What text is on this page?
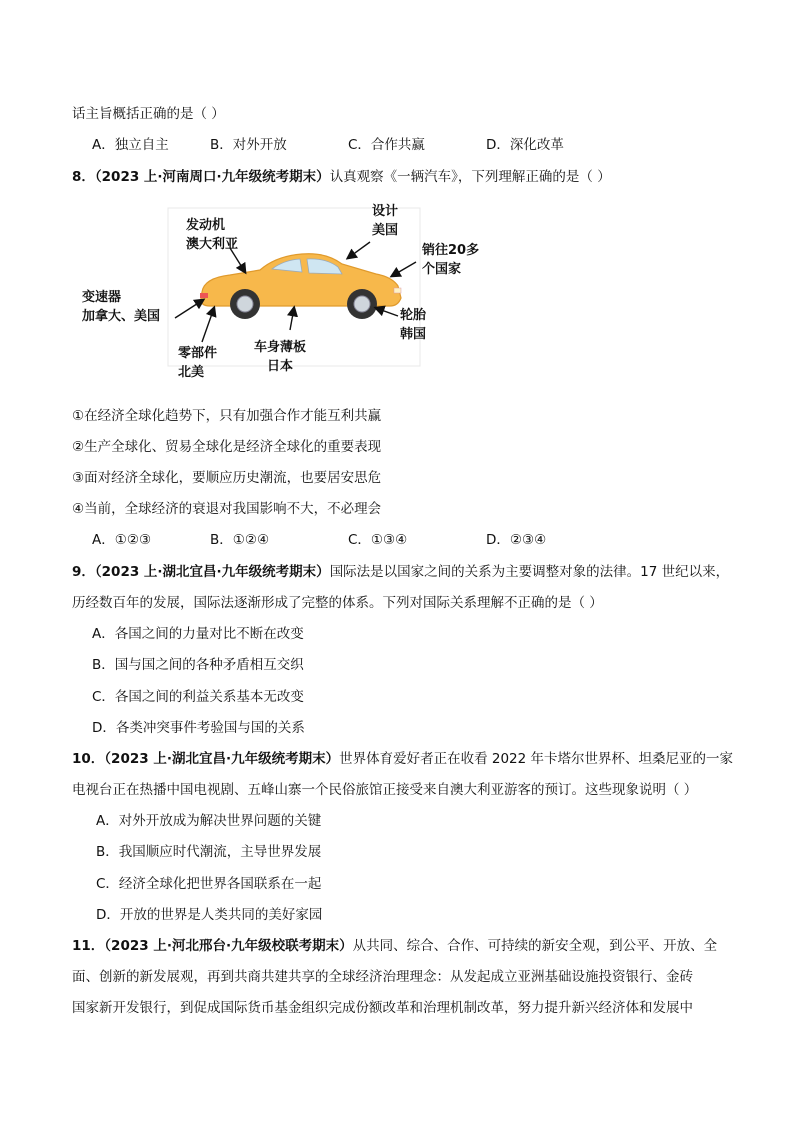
话主旨概括正确的是（ ）
A．独立自主	B．对外开放	C．合作共赢	D．深化改革
8．（2023 上·河南周口·九年级统考期末）认真观察《一辆汽车》，下列理解正确的是（ ）
发动机
澳大利亚
设计
美国
销往20多
个国家
变速器
加拿大、美国	轮胎
韩国
零部件
北美
车身薄板
日本
①在经济全球化趋势下，只有加强合作才能互利共赢
②生产全球化、贸易全球化是经济全球化的重要表现
③面对经济全球化，要顺应历史潮流，也要居安思危
④当前，全球经济的衰退对我国影响不大，不必理会
A．①②③	B．①②④	C．①③④	D．②③④
9．（2023 上·湖北宜昌·九年级统考期末）国际法是以国家之间的关系为主要调整对象的法律。17 世纪以来，
历经数百年的发展，国际法逐渐形成了完整的体系。下列对国际关系理解不正确的是（ ）
A．各国之间的力量对比不断在改变
B．国与国之间的各种矛盾相互交织
C．各国之间的利益关系基本无改变
D．各类冲突事件考验国与国的关系
10．（2023 上·湖北宜昌·九年级统考期末）世界体育爱好者正在收看 2022 年卡塔尔世界杯、坦桑尼亚的一家
电视台正在热播中国电视剧、五峰山寨一个民俗旅馆正接受来自澳大利亚游客的预订。这些现象说明（ ）
A．对外开放成为解决世界问题的关键
B．我国顺应时代潮流，主导世界发展
C．经济全球化把世界各国联系在一起
D．开放的世界是人类共同的美好家园
11．（2023 上·河北邢台·九年级校联考期末）从共同、综合、合作、可持续的新安全观，到公平、开放、全
面、创新的新发展观，再到共商共建共享的全球经济治理理念：从发起成立亚洲基础设施投资银行、金砖
国家新开发银行，到促成国际货币基金组织完成份额改革和治理机制改革，努力提升新兴经济体和发展中
